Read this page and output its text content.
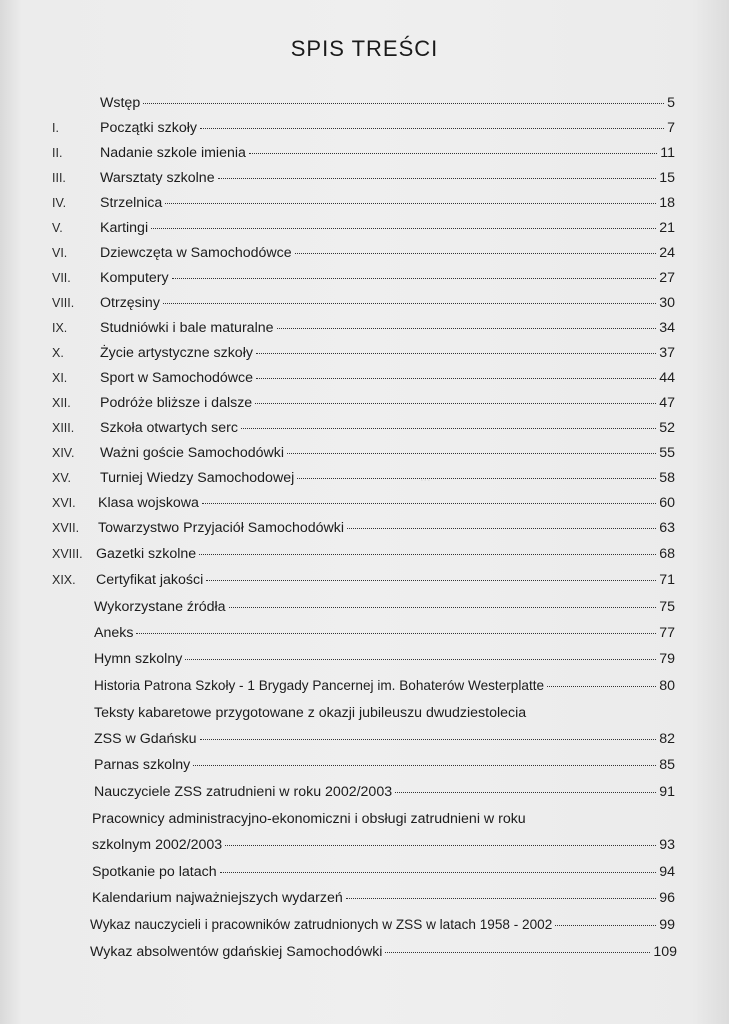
...
SPIS TREŚCI
Wstęp	5
I.	Początki szkoły	7
II.	Nadanie szkole imienia	11
III.	Warsztaty szkolne	15
IV.	Strzelnica	18
V.	Kartingi	21
VI.	Dziewczęta w Samochodówce	24
VII.	Komputery	27
VIII.	Otrzęsiny	30
IX.	Studniówki i bale maturalne	34
X.	Życie artystyczne szkoły	37
XI.	Sport w Samochodówce	44
XII.	Podróże bliższe i dalsze	47
XIII.	Szkoła otwartych serc	52
XIV.	Ważni goście Samochodówki	55
XV.	Turniej Wiedzy Samochodowej	58
XVI.	Klasa wojskowa	60
XVII.	Towarzystwo Przyjaciół Samochodówki	63
XVIII. Gazetki szkolne	68
XIX.	Certyfikat jakości	71
Wykorzystane źródła	75
Aneks	77
Hymn szkolny	79
Historia Patrona Szkoły - 1 Brygady Pancernej im. Bohaterów Westerplatte	80
Teksty kabaretowe przygotowane z okazji jubileuszu dwudziestolecia
ZSS w Gdańsku	82
Parnas szkolny	85
Nauczyciele ZSS zatrudnieni w roku 2002/2003	91
Pracownicy administracyjno-ekonomiczni i obsługi zatrudnieni w roku
szkolnym 2002/2003	93
Spotkanie po latach	94
Kalendarium najważniejszych wydarzeń	96
Wykaz nauczycieli i pracowników zatrudnionych w ZSS w latach 1958 - 2002	99
Wykaz absolwentów gdańskiej Samochodówki	109
